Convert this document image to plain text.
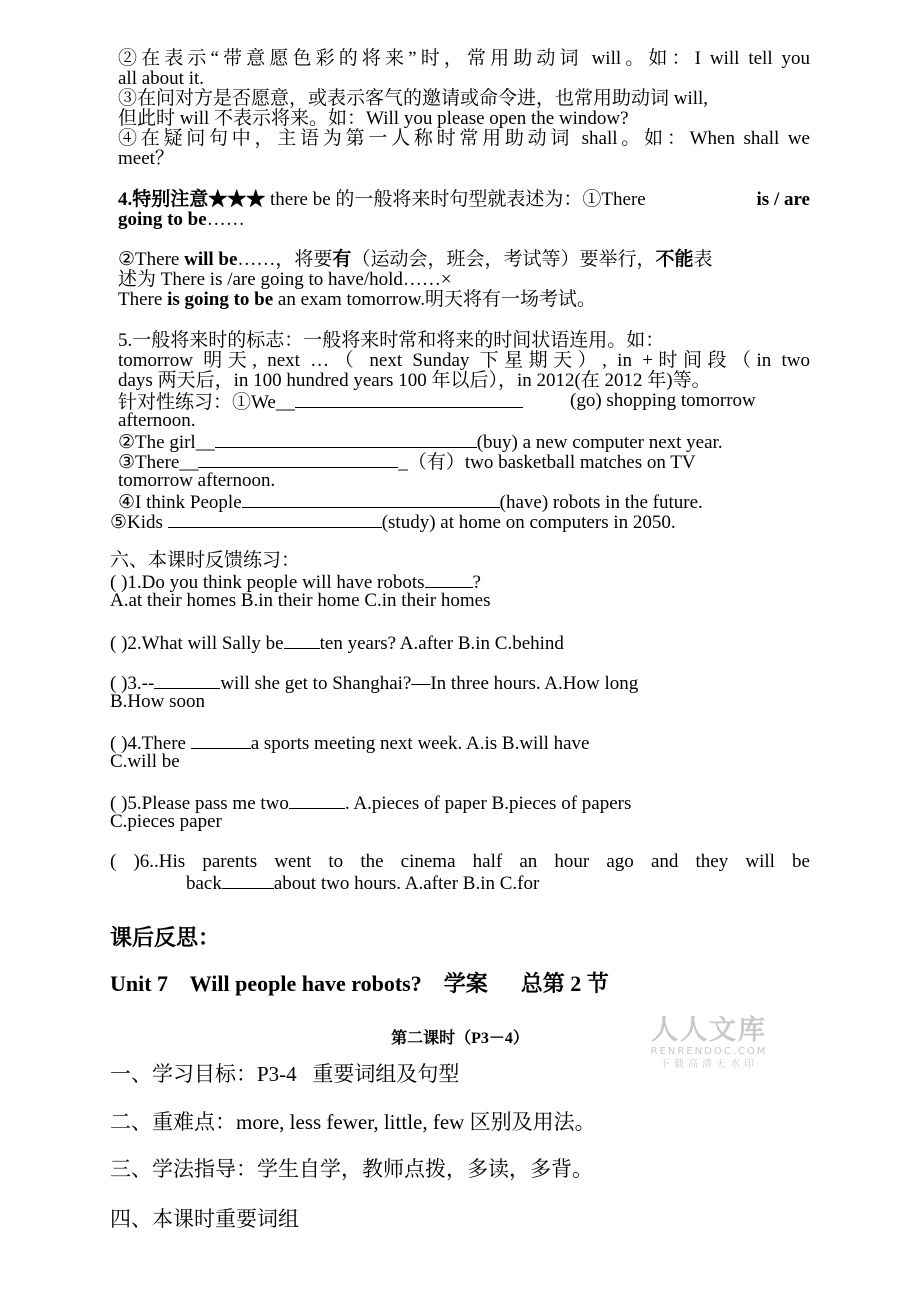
②在表示“带意愿色彩的将来”时，常用助动词 will。如：I will tell you
all about it.
③在问对方是否愿意，或表示客气的邀请或命令进，也常用助动词 will,
但此时 will 不表示将来。如：Will you please open the window?
④在疑问句中，主语为第一人称时常用助动词 shall。如：When shall we
meet？
4.特别注意★★★ there be 的一般将来时句型就表述为：①There	is / are
going to be……
②There will be……，将要有（运动会，班会，考试等）要举行，不能表
述为 There is /are going to have/hold……×
There is going to be an exam tomorrow.明天将有一场考试。
5.一般将来时的标志：一般将来时常和将来的时间状语连用。如：
tomorrow 明天, next …（ next Sunday 下星期天）, in +时间段（in two
days 两天后，in 100 hundred years 100 年以后），in 2012(在 2012 年)等。
针对性练习：①We__	(go) shopping tomorrow
afternoon.
②The girl__	(buy) a new computer next year.
③There__	_（有）two basketball matches on TV
tomorrow afternoon.
④I think People	(have) robots in the future.
⑤Kids	(study) at home on computers in 2050.
六、本课时反馈练习：
( )1.Do you think people will have robots	?
A.at their homes B.in their home C.in their homes
( )2.What will Sally be ten years? A.after B.in C.behind
( )3.--	will she get to Shanghai?—In three hours. A.How long
B.How soon
( )4.There	a sports meeting next week. A.is B.will have
C.will be
( )5.Please pass me two	. A.pieces of paper B.pieces of papers
C.pieces paper
( )6..His parents went to the cinema half an hour ago and they will be
back	about two hours. A.after B.in C.for
课后反思：
Unit 7    Will people have robots?    学案      总第 2 节
第二课时（P3－4）	人人文库
RENRENDOC.COM
下载高清无水印
一、学习目标：P3-4   重要词组及句型
二、重难点：more, less fewer, little, few 区别及用法。
三、学法指导：学生自学，教师点拨，多读，多背。
四、本课时重要词组
